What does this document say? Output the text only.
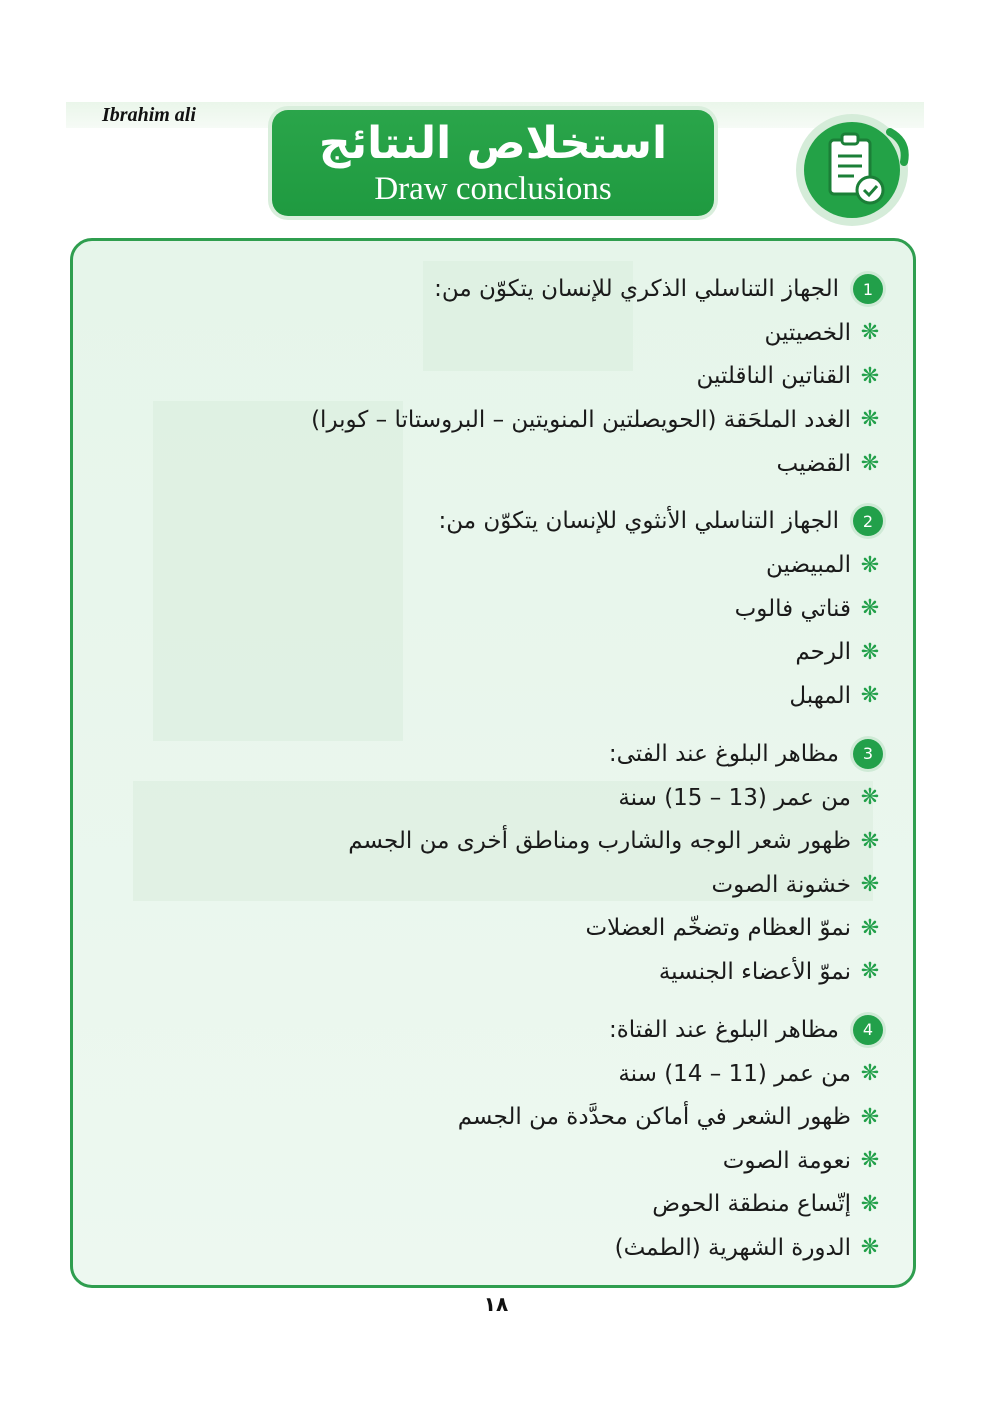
Ibrahim ali
استخلاص النتائج
Draw conclusions
1
الجهاز التناسلي الذكري للإنسان يتكوّن من:
❋
الخصيتين
❋
القناتين الناقلتين
❋
الغدد الملحَقة (الحويصلتين المنويتين – البروستاتا – كوبرا)
❋
القضيب
2
الجهاز التناسلي الأنثوي للإنسان يتكوّن من:
❋
المبيضين
❋
قناتي فالوب
❋
الرحم
❋
المهبل
3
مظاهر البلوغ عند الفتى:
❋
من عمر (13 – 15) سنة
❋
ظهور شعر الوجه والشارب ومناطق أخرى من الجسم
❋
خشونة الصوت
❋
نموّ العظام وتضخّم العضلات
❋
نموّ الأعضاء الجنسية
4
مظاهر البلوغ عند الفتاة:
❋
من عمر (11 – 14) سنة
❋
ظهور الشعر في أماكن محدَّدة من الجسم
❋
نعومة الصوت
❋
إتّساع منطقة الحوض
❋
الدورة الشهرية (الطمث)
١٨
